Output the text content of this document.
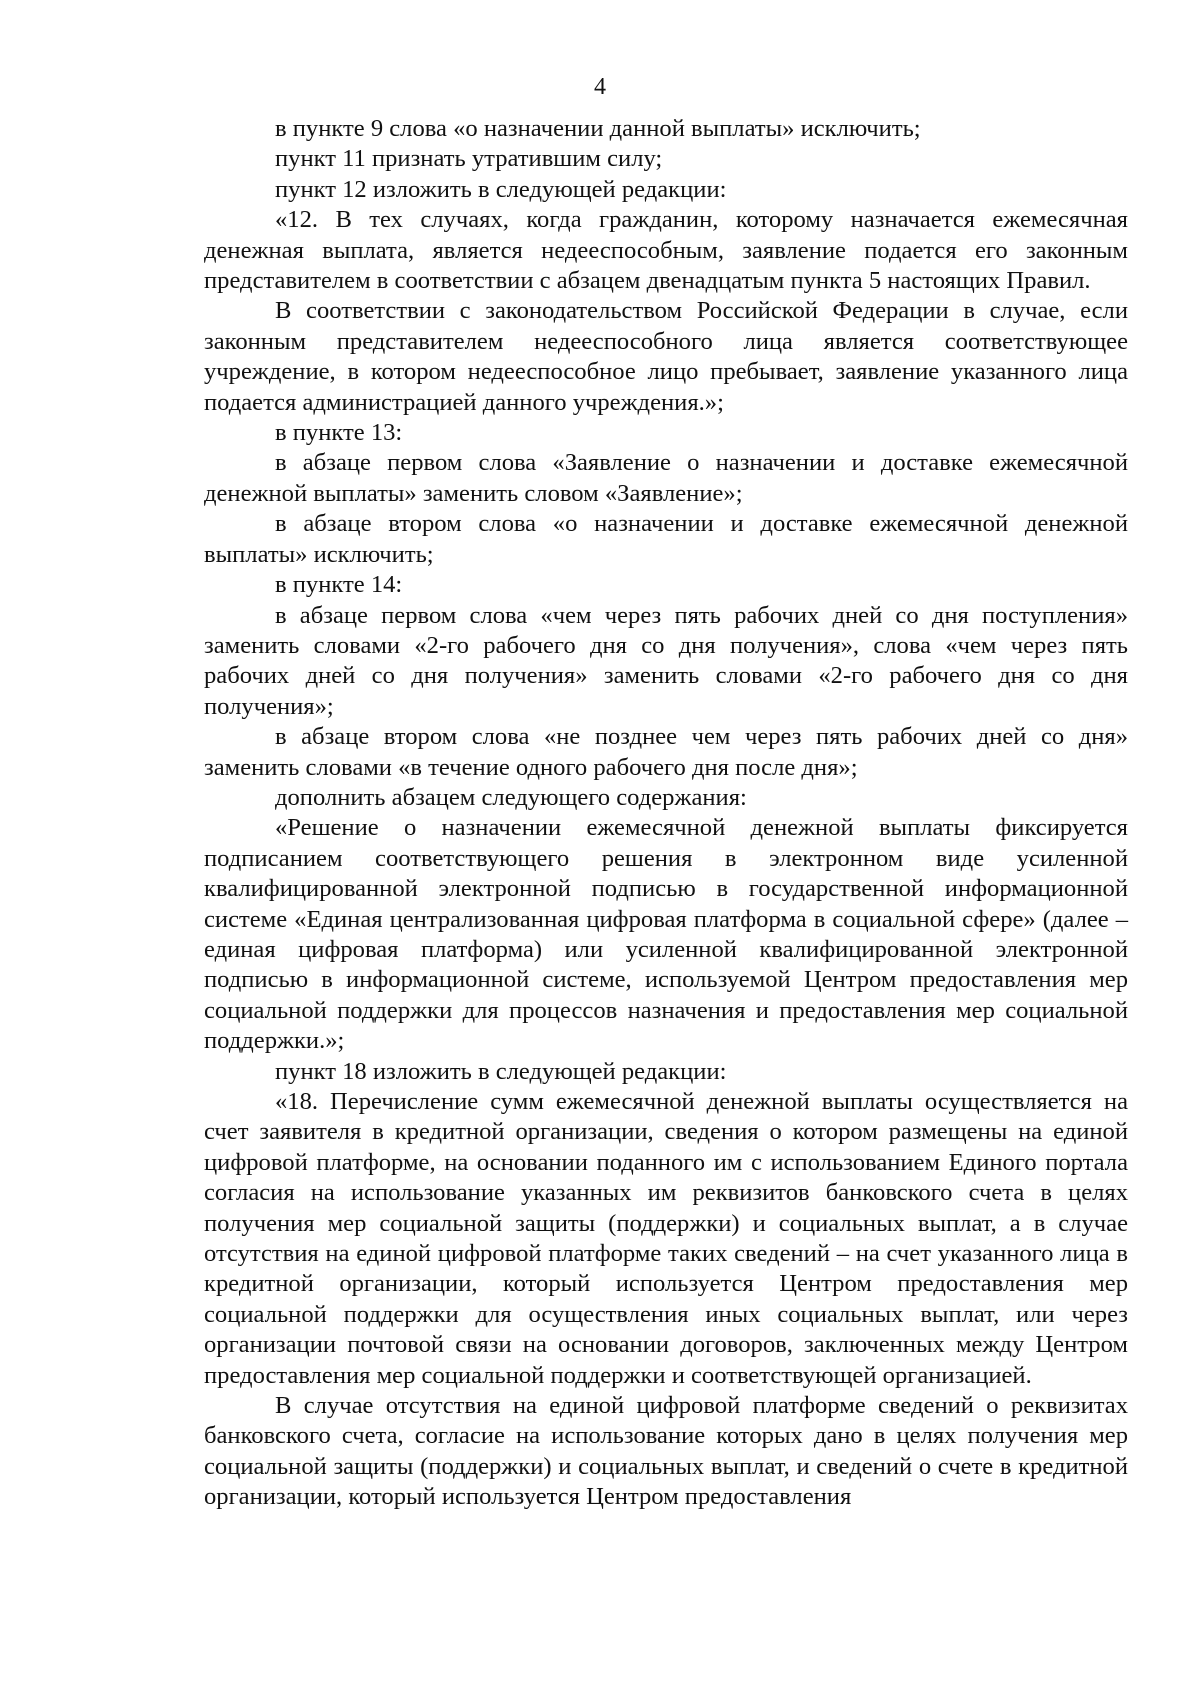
4

в пункте 9 слова «о назначении данной выплаты» исключить;

пункт 11 признать утратившим силу;

пункт 12 изложить в следующей редакции:

«12. В тех случаях, когда гражданин, которому назначается ежемесячная денежная выплата, является недееспособным, заявление подается его законным представителем в соответствии с абзацем двенадцатым пункта 5 настоящих Правил.

В соответствии с законодательством Российской Федерации в случае, если законным представителем недееспособного лица является соответствующее учреждение, в котором недееспособное лицо пребывает, заявление указанного лица подается администрацией данного учреждения.»;

в пункте 13:

в абзаце первом слова «Заявление о назначении и доставке ежемесячной денежной выплаты» заменить словом «Заявление»;

в абзаце втором слова «о назначении и доставке ежемесячной денежной выплаты» исключить;

в пункте 14:

в абзаце первом слова «чем через пять рабочих дней со дня поступления» заменить словами «2-го рабочего дня со дня получения», слова «чем через пять рабочих дней со дня получения» заменить словами «2-го рабочего дня со дня получения»;

в абзаце втором слова «не позднее чем через пять рабочих дней со дня» заменить словами «в течение одного рабочего дня после дня»;

дополнить абзацем следующего содержания:

«Решение о назначении ежемесячной денежной выплаты фиксируется подписанием соответствующего решения в электронном виде усиленной квалифицированной электронной подписью в государственной информационной системе «Единая централизованная цифровая платформа в социальной сфере» (далее – единая цифровая платформа) или усиленной квалифицированной электронной подписью в информационной системе, используемой Центром предоставления мер социальной поддержки для процессов назначения и предоставления мер социальной поддержки.»;

пункт 18 изложить в следующей редакции:

«18. Перечисление сумм ежемесячной денежной выплаты осуществляется на счет заявителя в кредитной организации, сведения о котором размещены на единой цифровой платформе, на основании поданного им с использованием Единого портала согласия на использование указанных им реквизитов банковского счета в целях получения мер социальной защиты (поддержки) и социальных выплат, а в случае отсутствия на единой цифровой платформе таких сведений – на счет указанного лица в кредитной организации, который используется Центром предоставления мер социальной поддержки для осуществления иных социальных выплат, или через организации почтовой связи на основании договоров, заключенных между Центром предоставления мер социальной поддержки и соответствующей организацией.

В случае отсутствия на единой цифровой платформе сведений о реквизитах банковского счета, согласие на использование которых дано в целях получения мер социальной защиты (поддержки) и социальных выплат, и сведений о счете в кредитной организации, который используется Центром предоставления
